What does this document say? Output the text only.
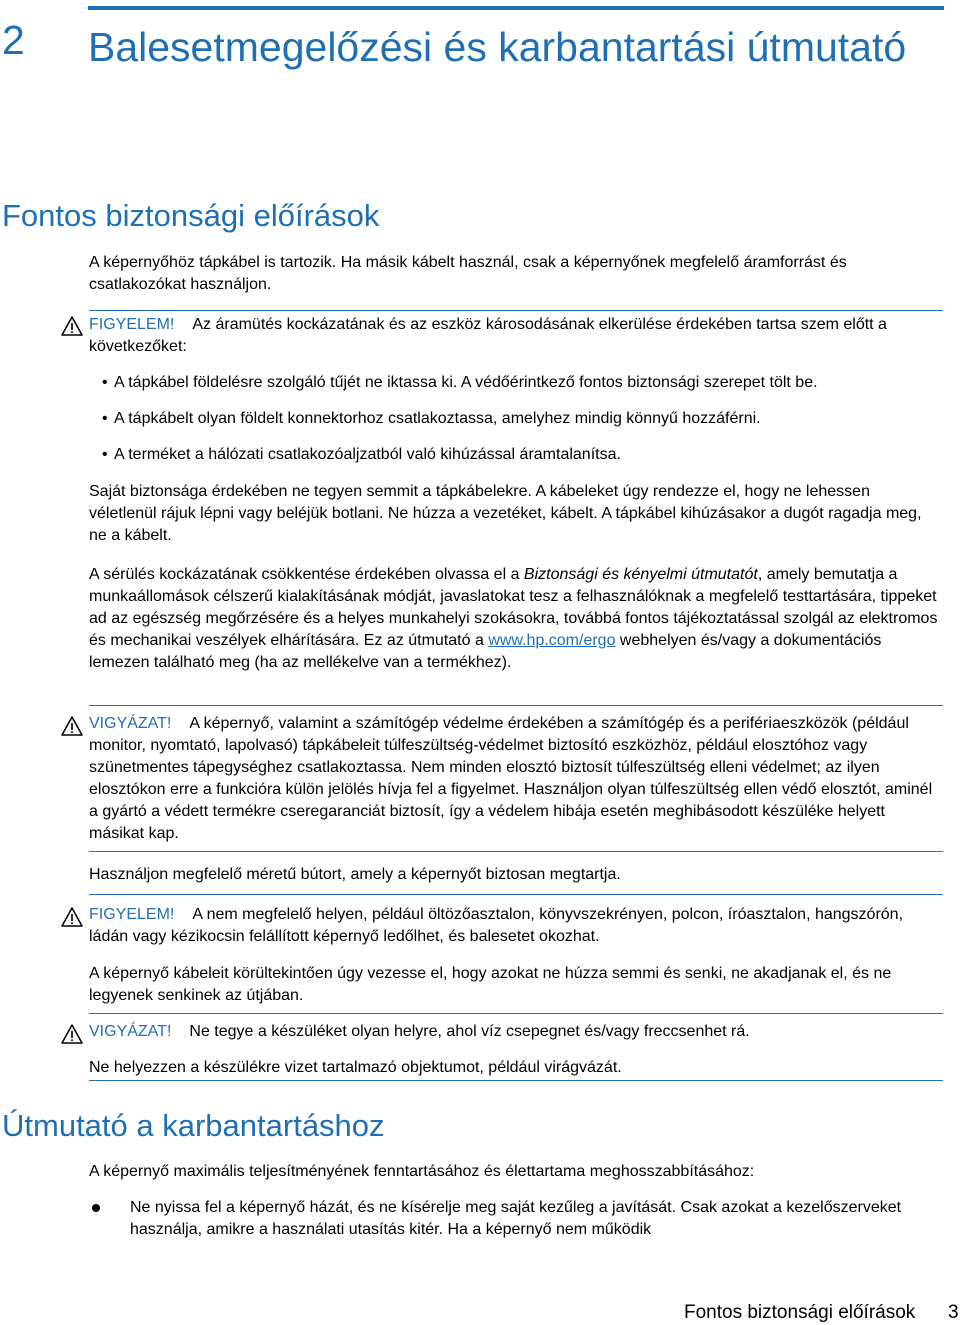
2 Balesetmegelőzési és karbantartási útmutató
Fontos biztonsági előírások
A képernyőhöz tápkábel is tartozik. Ha másik kábelt használ, csak a képernyőnek megfelelő áramforrást és csatlakozókat használjon.
FIGYELEM! Az áramütés kockázatának és az eszköz károsodásának elkerülése érdekében tartsa szem előtt a következőket:
• A tápkábel földelésre szolgáló tűjét ne iktassa ki. A védőérintkező fontos biztonsági szerepet tölt be.
• A tápkábelt olyan földelt konnektorhoz csatlakoztassa, amelyhez mindig könnyű hozzáférni.
• A terméket a hálózati csatlakozóaljzatból való kihúzással áramtalanítsa.
Saját biztonsága érdekében ne tegyen semmit a tápkábelekre. A kábeleket úgy rendezze el, hogy ne lehessen véletlenül rájuk lépni vagy beléjük botlani. Ne húzza a vezetéket, kábelt. A tápkábel kihúzásakor a dugót ragadja meg, ne a kábelt.
A sérülés kockázatának csökkentése érdekében olvassa el a Biztonsági és kényelmi útmutatót, amely bemutatja a munkaállomások célszerű kialakításának módját, javaslatokat tesz a felhasználóknak a megfelelő testtartására, tippeket ad az egészség megőrzésére és a helyes munkahelyi szokásokra, továbbá fontos tájékoztatással szolgál az elektromos és mechanikai veszélyek elhárítására. Ez az útmutató a www.hp.com/ergo webhelyen és/vagy a dokumentációs lemezen található meg (ha az mellékelve van a termékhez).
VIGYÁZAT! A képernyő, valamint a számítógép védelme érdekében a számítógép és a perifériaeszközök (például monitor, nyomtató, lapolvasó) tápkábeleit túlfeszültség-védelmet biztosító eszközhöz, például elosztóhoz vagy szünetmentes tápegységhez csatlakoztassa. Nem minden elosztó biztosít túlfeszültség elleni védelmet; az ilyen elosztókon erre a funkcióra külön jelölés hívja fel a figyelmet. Használjon olyan túlfeszültség ellen védő elosztót, aminél a gyártó a védett termékre cseregaranciát biztosít, így a védelem hibája esetén meghibásodott készüléke helyett másikat kap.
Használjon megfelelő méretű bútort, amely a képernyőt biztosan megtartja.
FIGYELEM! A nem megfelelő helyen, például öltözőasztalon, könyvszekrényen, polcon, íróasztalon, hangszórón, ládán vagy kézikocsin felállított képernyő ledőlhet, és balesetet okozhat.
A képernyő kábeleit körültekintően úgy vezesse el, hogy azokat ne húzza semmi és senki, ne akadjanak el, és ne legyenek senkinek az útjában.
VIGYÁZAT! Ne tegye a készüléket olyan helyre, ahol víz csepegnet és/vagy freccsenhet rá.
Ne helyezzen a készülékre vizet tartalmazó objektumot, például virágvázát.
Útmutató a karbantartáshoz
A képernyő maximális teljesítményének fenntartásához és élettartama meghosszabbításához:
Ne nyissa fel a képernyő házát, és ne kísérelje meg saját kezűleg a javítását. Csak azokat a kezelőszerveket használja, amikre a használati utasítás kitér. Ha a képernyő nem működik
Fontos biztonsági előírások 3
